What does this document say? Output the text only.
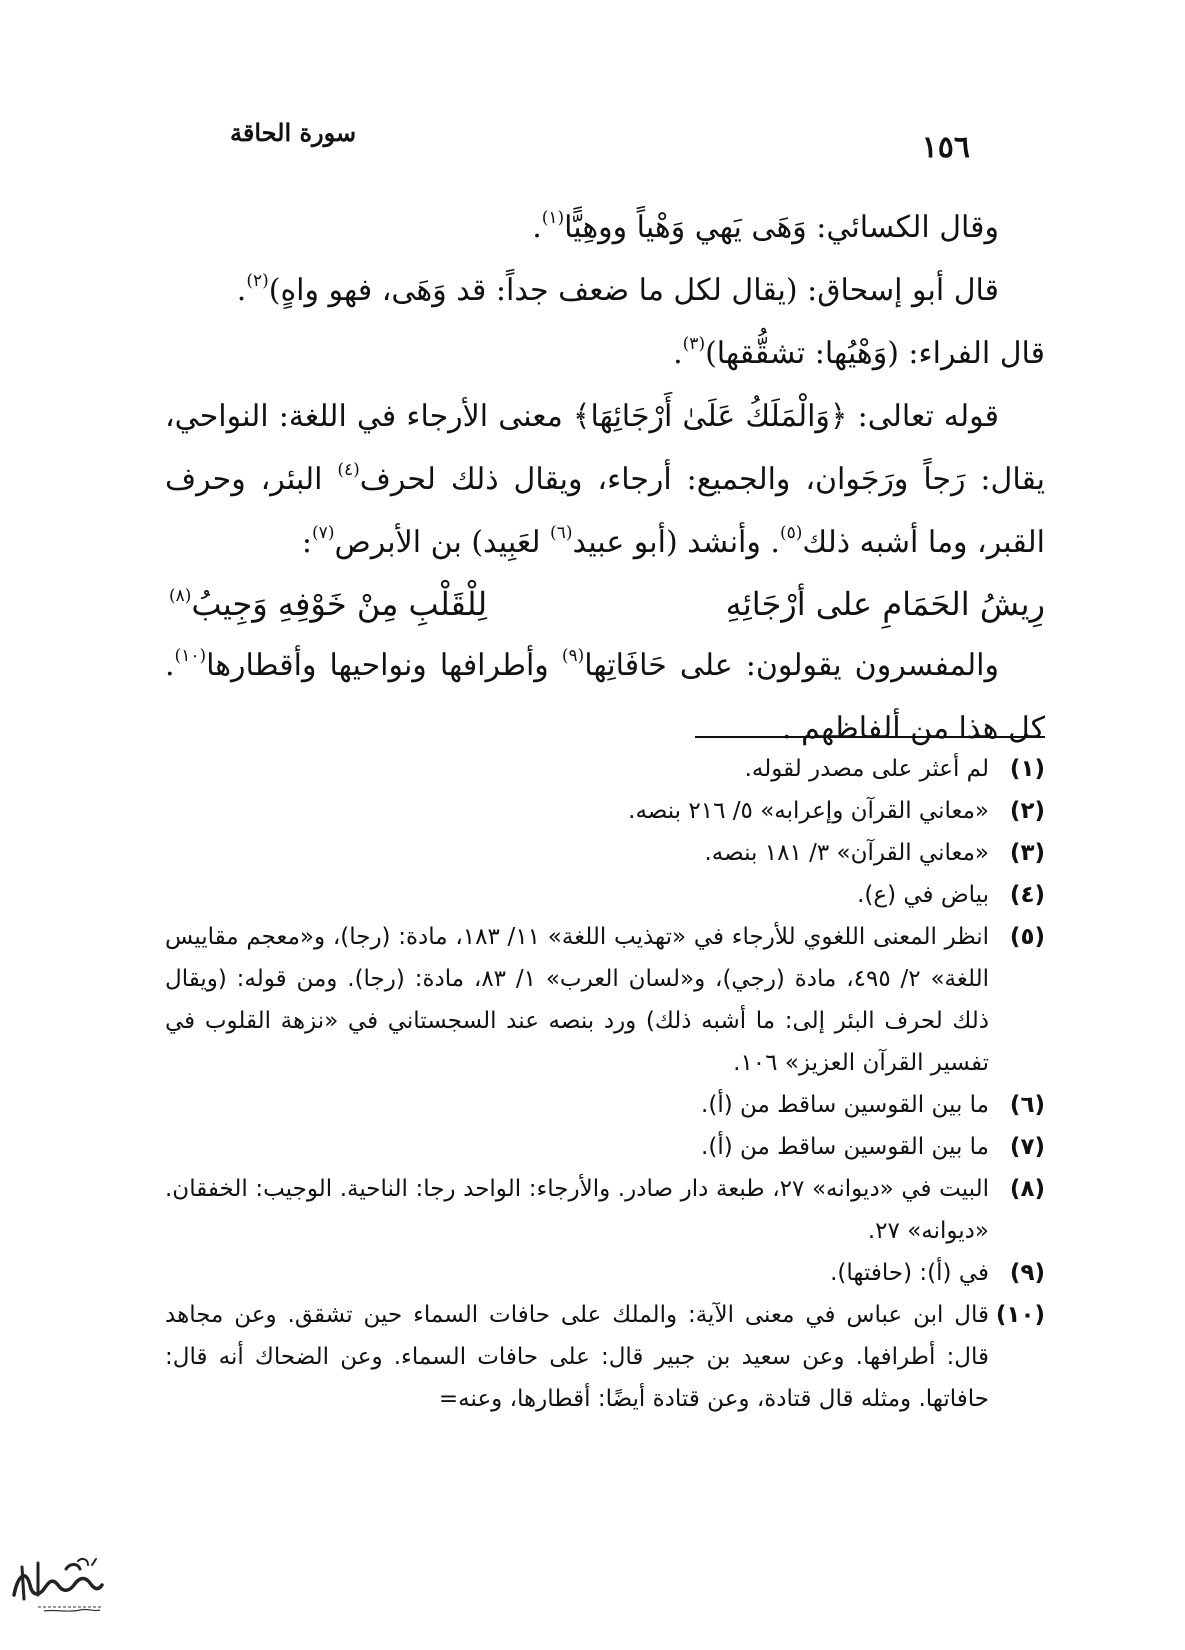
١٥٦
سورة الحاقة

وقال الكسائي: وَهَى يَهي وَهْياً ووهِيًّا$^{(١)}$.

قال أبو إسحاق: (يقال لكل ما ضعف جداً: قد وَهَى، فهو واهٍ)$^{(٢)}$.

قال الفراء: (وَهْيُها: تشقُّقها)$^{(٣)}$.

قوله تعالى: ﴿وَالْمَلَكُ عَلَىٰ أَرْجَائِهَا﴾ معنى الأرجاء في اللغة: النواحي، يقال: رَجاً ورَجَوان، والجميع: أرجاء، ويقال ذلك لحرف$^{(٤)}$ البئر، وحرف القبر، وما أشبه ذلك$^{(٥)}$. وأنشد (أبو عبيد$^{(٦)}$ لعَبِيد) بن الأبرص$^{(٧)}$:

رِيشُ الحَمَامِ على أرْجَائِهِ
لِلْقَلْبِ مِنْ خَوْفِهِ وَجِيبُ$^{(٨)}$

والمفسرون يقولون: على حَافَاتِها$^{(٩)}$ وأطرافها ونواحيها وأقطارها$^{(١٠)}$. كل هذا من ألفاظهم .

(١)
لم أعثر على مصدر لقوله.
(٢)
«معاني القرآن وإعرابه» ٥/ ٢١٦ بنصه.
(٣)
«معاني القرآن» ٣/ ١٨١ بنصه.
(٤)
بياض في (ع).
(٥)
انظر المعنى اللغوي للأرجاء في «تهذيب اللغة» ١١/ ١٨٣، مادة: (رجا)، و«معجم مقاييس اللغة» ٢/ ٤٩٥، مادة (رجي)، و«لسان العرب» ١/ ٨٣، مادة: (رجا). ومن قوله: (ويقال ذلك لحرف البئر إلى: ما أشبه ذلك) ورد بنصه عند السجستاني في «نزهة القلوب في تفسير القرآن العزيز» ١٠٦.
(٦)
ما بين القوسين ساقط من (أ).
(٧)
ما بين القوسين ساقط من (أ).
(٨)
البيت في «ديوانه» ٢٧، طبعة دار صادر. والأرجاء: الواحد رجا: الناحية. الوجيب: الخفقان. «ديوانه» ٢٧.
(٩)
في (أ): (حافتها).
(١٠)
قال ابن عباس في معنى الآية: والملك على حافات السماء حين تشقق. وعن مجاهد قال: أطرافها. وعن سعيد بن جبير قال: على حافات السماء. وعن الضحاك أنه قال: حافاتها. ومثله قال قتادة، وعن قتادة أيضًا: أقطارها، وعنه=
